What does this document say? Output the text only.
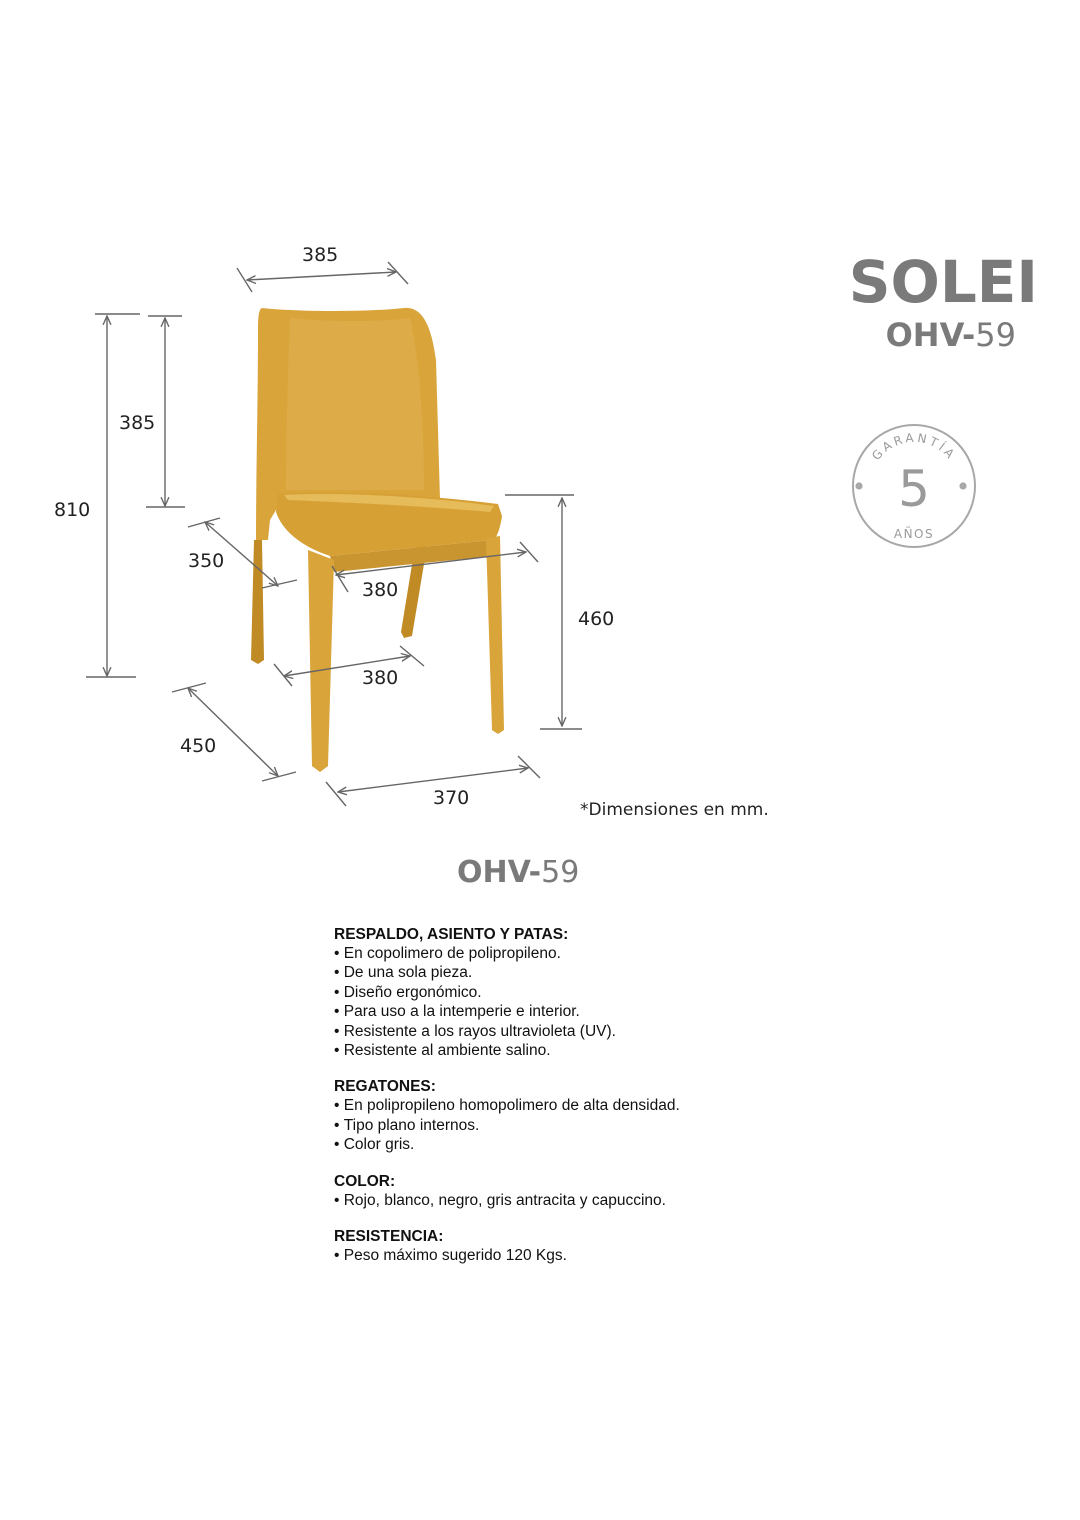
385
810
385
350
380
380
460
450
370
*Dimensiones en mm.
SOLEI
OHV-59
GARANTÍA
5
AÑOS
OHV-59
RESPALDO, ASIENTO Y PATAS:
• En copolimero de polipropileno.
• De una sola pieza.
• Diseño ergonómico.
• Para uso a la intemperie e interior.
• Resistente a los rayos ultravioleta (UV).
• Resistente al ambiente salino.
REGATONES:
• En polipropileno homopolimero de alta densidad.
• Tipo plano internos.
• Color gris.
COLOR:
• Rojo, blanco, negro, gris antracita y capuccino.
RESISTENCIA:
• Peso máximo sugerido 120 Kgs.
